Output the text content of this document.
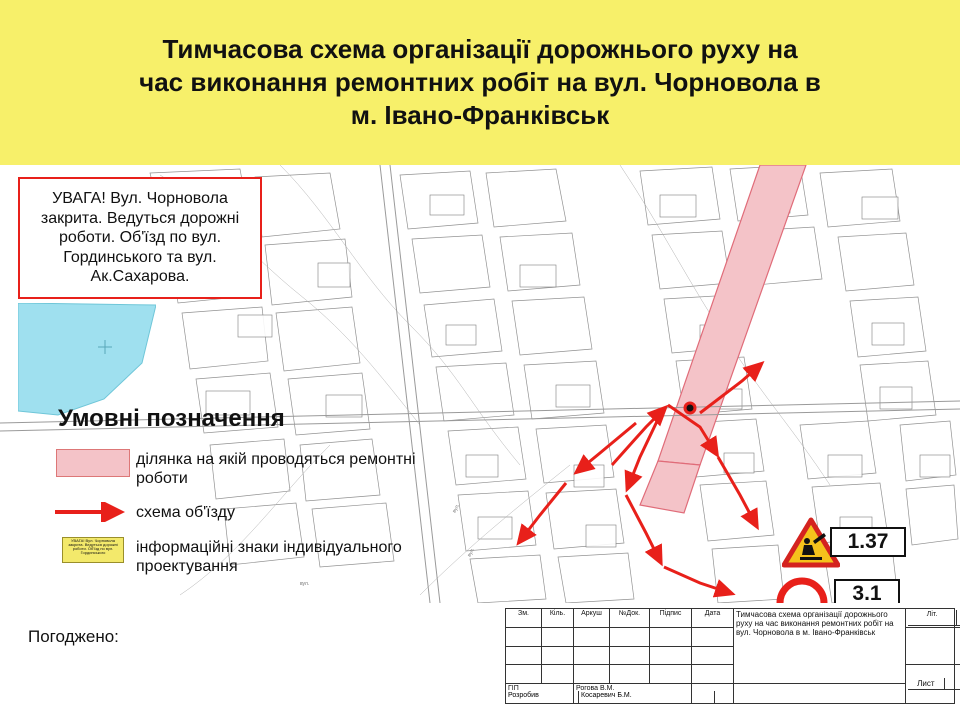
Тимчасова схема організації дорожнього руху на
час виконання ремонтних робіт на вул. Чорновола в
м. Івано-Франківськ
вул.
вул.
вул.
УВАГА! Вул. Чорновола закрита. Ведуться дорожні роботи. Об'їзд по вул. Гординського та вул. Ак.Сахарова.
Умовні позначення
ділянка на якій проводяться ремонтні роботи
схема об'їзду
УВАГА! Вул. Чорновола закрита. Ведуться дорожні роботи. Об'їзд по вул. Гординського	інформаційні знаки індивідуального проектування
1.37
3.1
Погоджено:
Зм.	Кіль.	Аркуш	№Док.	Підпис	Дата	Тимчасова схема організації дорожнього руху на час виконання ремонтних робіт на вул. Чорновола в м. Івано-Франківськ
Літ.
Лист
ГІП	Рогова В.М.
Розробив	Косаревич Б.М.
